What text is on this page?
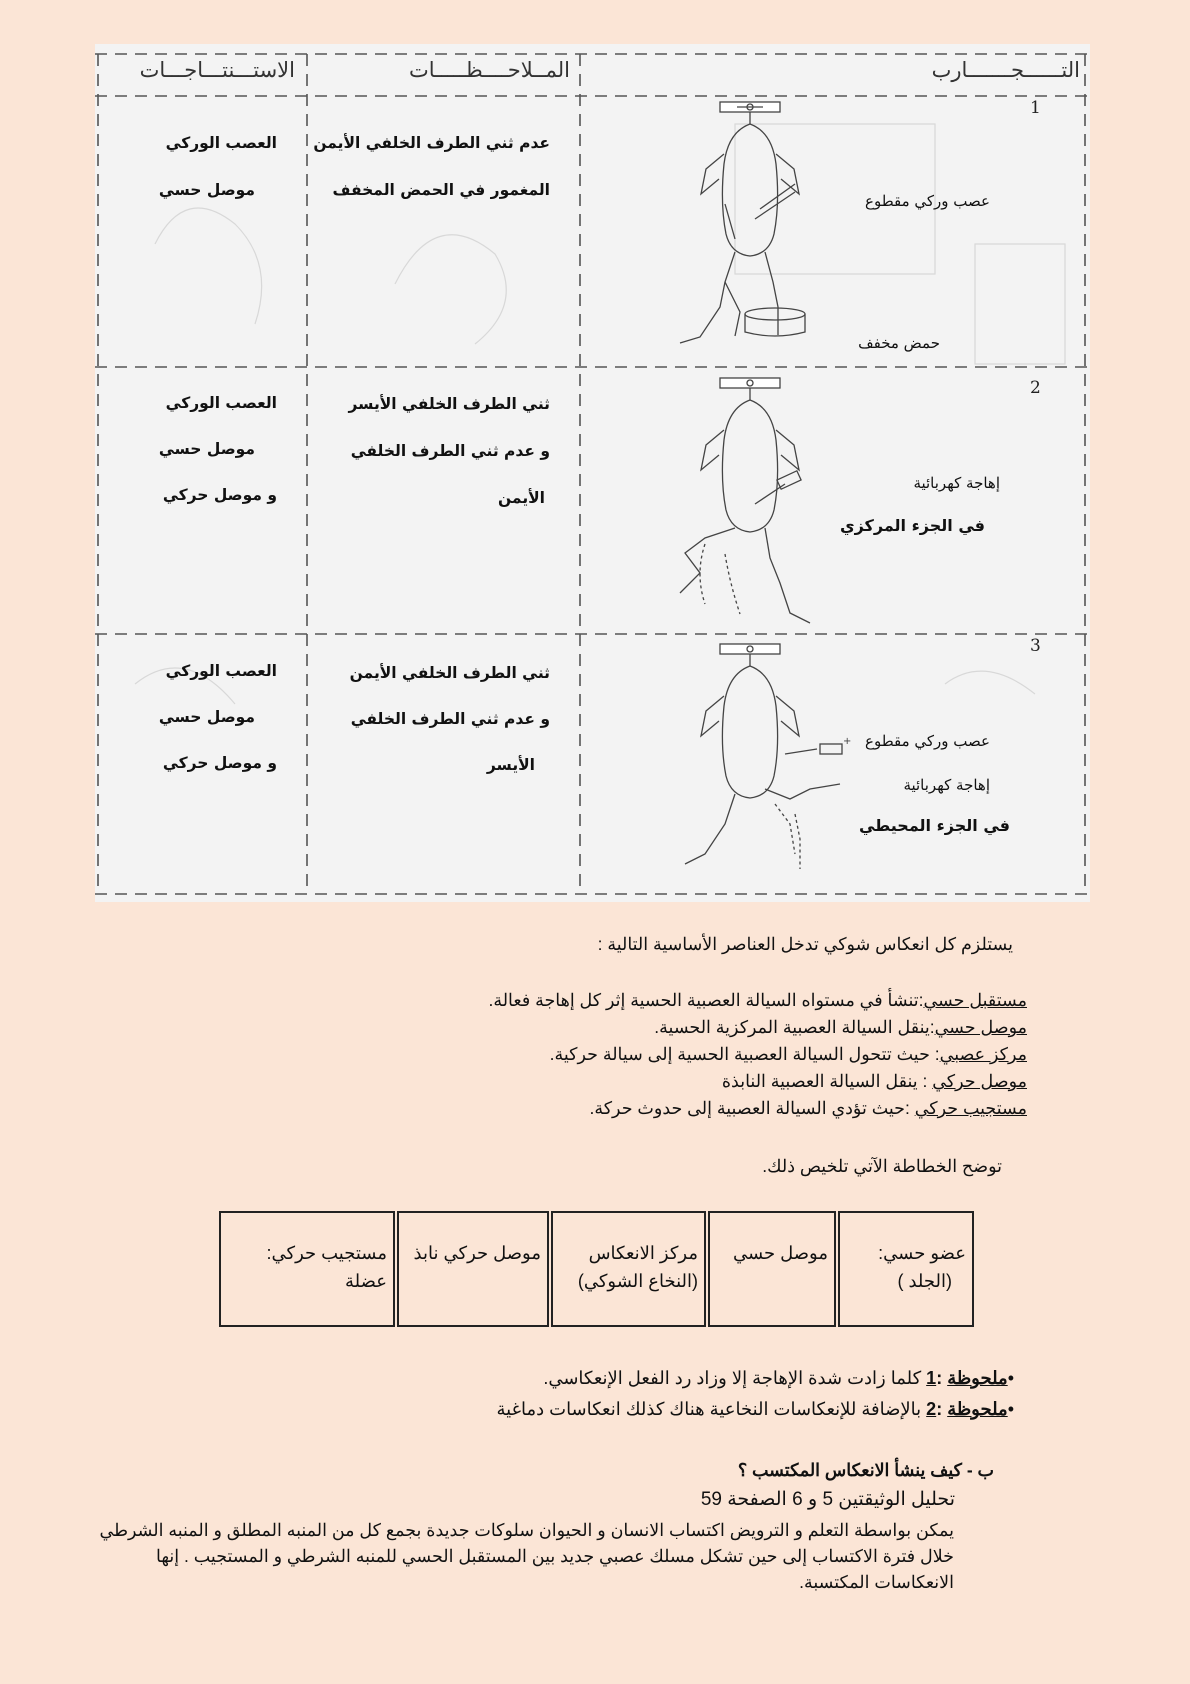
+
التــــــجـــــــارب
المــلاحــــظـــــات
الاستـــنتـــاجـــات
1
عدم ثني الطرف الخلفي الأيمن
المغمور في الحمض المخفف
العصب الوركي
موصل حسي
عصب وركي مقطوع
حمض مخفف
2
ثني الطرف الخلفي الأيسر
و عدم ثني الطرف الخلفي
الأيمن
العصب الوركي
موصل حسي
و موصل حركي
إهاجة كهربائية
في الجزء المركزي
3
ثني الطرف الخلفي الأيمن
و عدم ثني الطرف الخلفي
الأيسر
العصب الوركي
موصل حسي
و موصل حركي
عصب وركي مقطوع
إهاجة كهربائية
في الجزء المحيطي
يستلزم كل انعكاس شوكي تدخل العناصر الأساسية التالية :
مستقبل حسي:تنشأ في مستواه السيالة العصبية الحسية إثر كل إهاجة فعالة.
موصل حسي:ينقل السيالة العصبية المركزية الحسية.
مركز عصبي: حيث تتحول السيالة العصبية الحسية إلى سيالة حركية.
موصل حركي : ينقل السيالة العصبية النابذة
مستجيب حركي :حيث تؤدي السيالة العصبية إلى حدوث حركة.
توضح الخطاطة الآتي تلخيص ذلك.
عضو حسي:
(الجلد )
موصل حسي
مركز الانعكاس
(النخاع الشوكي)
موصل حركي نابذ
مستجيب حركي:
عضلة
•ملحوظة :1 كلما زادت شدة الإهاجة إلا وزاد رد الفعل الإنعكاسي.
•ملحوظة :2 بالإضافة للإنعكاسات النخاعية هناك كذلك انعكاسات دماغية
ب - كيف ينشأ الانعكاس المكتسب ؟
تحليل الوثيقتين 5 و 6 الصفحة 59
يمكن بواسطة التعلم و الترويض اكتساب الانسان و الحيوان سلوكات جديدة بجمع كل من المنبه المطلق و المنبه الشرطي
خلال فترة الاكتساب إلى حين تشكل مسلك عصبي جديد بين المستقبل الحسي للمنبه الشرطي و المستجيب . إنها
الانعكاسات المكتسبة.
